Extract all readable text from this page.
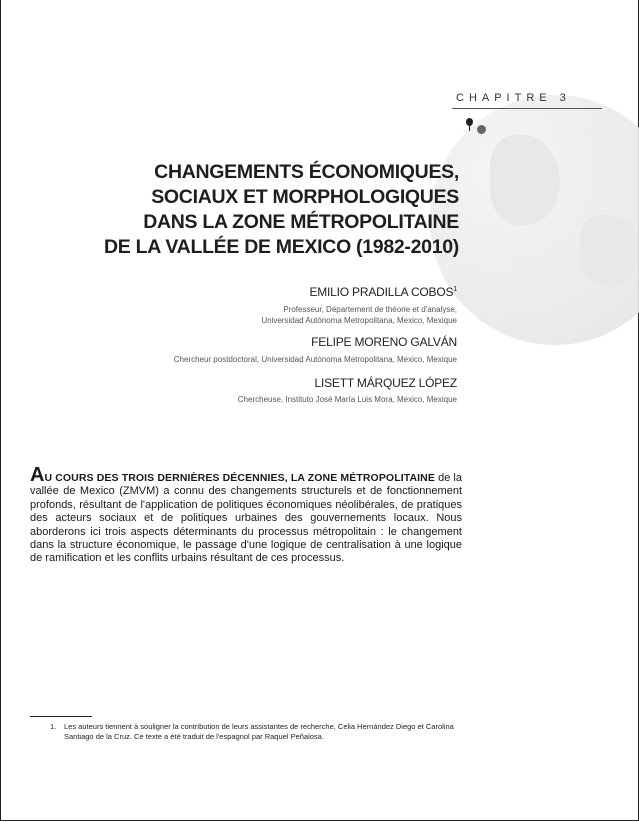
CHAPITRE 3
CHANGEMENTS ÉCONOMIQUES,
SOCIAUX ET MORPHOLOGIQUES
DANS LA ZONE MÉTROPOLITAINE
DE LA VALLÉE DE MEXICO (1982-2010)
EMILIO PRADILLA COBOS$^1$
Professeur, Département de théorie et d'analyse,
Universidad Autónoma Metropolitana, Mexico, Mexique
FELIPE MORENO GALVÁN
Chercheur postdoctoral, Universidad Autónoma Metropolitana, Mexico, Mexique
LISETT MÁRQUEZ LÓPEZ
Chercheuse, Instituto José María Luis Mora, Mexico, Mexique
AU COURS DES TROIS DERNIÈRES DÉCENNIES, LA ZONE MÉTROPOLITAINE de la vallée de Mexico (ZMVM) a connu des changements structurels et de fonctionnement profonds, résultant de l'application de politiques économiques néolibérales, de pratiques des acteurs sociaux et de politiques urbaines des gouvernements locaux. Nous aborderons ici trois aspects déterminants du processus métropolitain : le changement dans la structure économique, le passage d'une logique de centralisation à une logique de ramification et les conflits urbains résultant de ces processus.
1. Les auteurs tiennent à souligner la contribution de leurs assistantes de recherche, Celia Hernández Diego et Carolina Santiago de la Cruz. Ce texte a été traduit de l'espagnol par Raquel Peñalosa.
